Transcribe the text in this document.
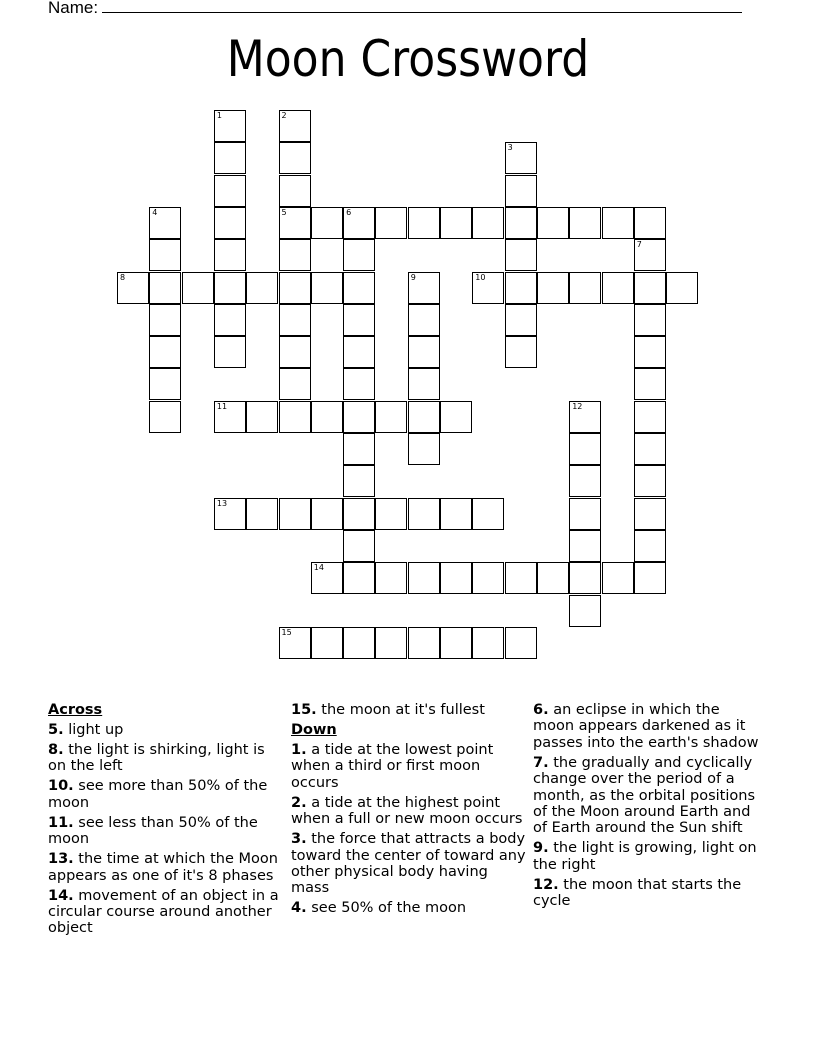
Name:
Moon Crossword
1	2
5
3
4	6
7
8	9	10
11	12
13
14
15
Across
5. light up
8. the light is shirking, light is on the left
10. see more than 50% of the moon
11. see less than 50% of the moon
13. the time at which the Moon appears as one of it's 8 phases
14. movement of an object in a circular course around another object
15. the moon at it's fullest
Down
1. a tide at the lowest point when a third or first moon occurs
2. a tide at the highest point when a full or new moon occurs
3. the force that attracts a body toward the center of toward any other physical body having mass
4. see 50% of the moon
6. an eclipse in which the moon appears darkened as it passes into the earth's shadow
7. the gradually and cyclically change over the period of a month, as the orbital positions of the Moon around Earth and of Earth around the Sun shift
9. the light is growing, light on the right
12. the moon that starts the cycle
